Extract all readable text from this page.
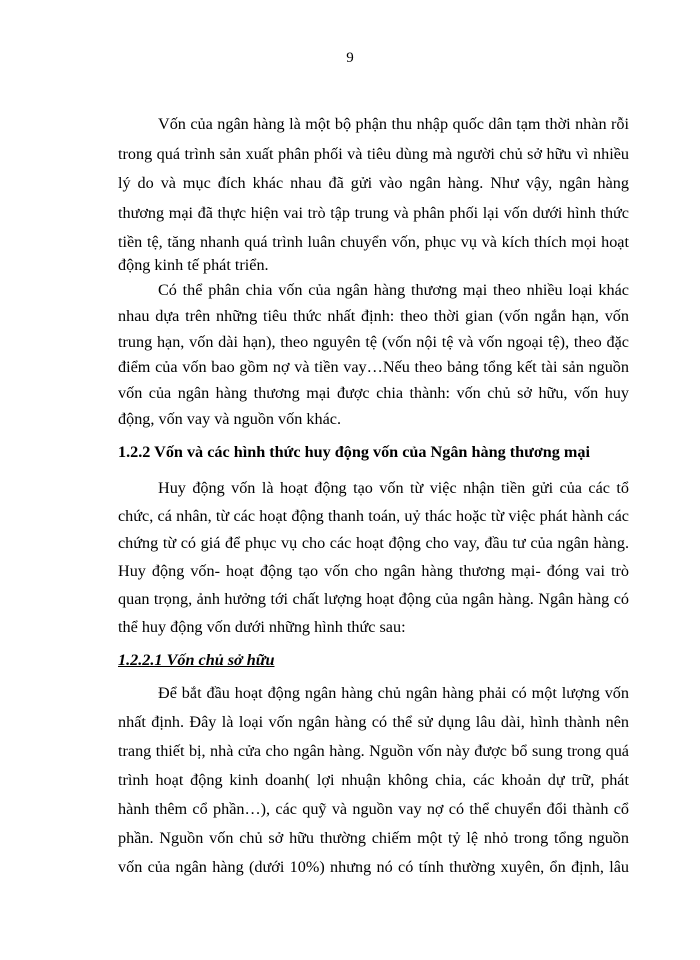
9
Vốn của ngân hàng là một bộ phận thu nhập quốc dân tạm thời nhàn rỗi
trong quá trình sản xuất phân phối và tiêu dùng mà người chủ sở hữu vì nhiều
lý do và mục đích khác nhau đã gửi vào ngân hàng. Như vậy, ngân hàng
thương mại đã thực hiện vai trò tập trung và phân phối lại vốn dưới hình thức
tiền tệ, tăng nhanh quá trình luân chuyển vốn, phục vụ và kích thích mọi hoạt
động kinh tế phát triển.
Có thể phân chia vốn của ngân hàng thương mại theo nhiều loại khác
nhau dựa trên những tiêu thức nhất định: theo thời gian (vốn ngắn hạn, vốn
trung hạn, vốn dài hạn), theo nguyên tệ (vốn nội tệ và vốn ngoại tệ), theo đặc
điểm của vốn bao gồm nợ và tiền vay…Nếu theo bảng tổng kết tài sản nguồn
vốn của ngân hàng thương mại được chia thành: vốn chủ sở hữu, vốn huy
động, vốn vay và nguồn vốn khác.
1.2.2 Vốn và các hình thức huy động vốn của Ngân hàng thương mại
Huy động vốn là hoạt động tạo vốn từ việc nhận tiền gửi của các tổ
chức, cá nhân, từ các hoạt động thanh toán, uỷ thác hoặc từ việc phát hành các
chứng từ có giá để phục vụ cho các hoạt động cho vay, đầu tư của ngân hàng.
Huy động vốn- hoạt động tạo vốn cho ngân hàng thương mại- đóng vai trò
quan trọng, ảnh hưởng tới chất lượng hoạt động của ngân hàng. Ngân hàng có
thể huy động vốn dưới những hình thức sau:
1.2.2.1 Vốn chủ sở hữu
Để bắt đầu hoạt động ngân hàng chủ ngân hàng phải có một lượng vốn
nhất định. Đây là loại vốn ngân hàng có thể sử dụng lâu dài, hình thành nên
trang thiết bị, nhà cửa cho ngân hàng. Nguồn vốn này được bổ sung trong quá
trình hoạt động kinh doanh( lợi nhuận không chia, các khoản dự trữ, phát
hành thêm cổ phần…), các quỹ và nguồn vay nợ có thể chuyển đổi thành cổ
phần. Nguồn vốn chủ sở hữu thường chiếm một tỷ lệ nhỏ trong tổng nguồn
vốn của ngân hàng (dưới 10%) nhưng nó có tính thường xuyên, ổn định, lâu
